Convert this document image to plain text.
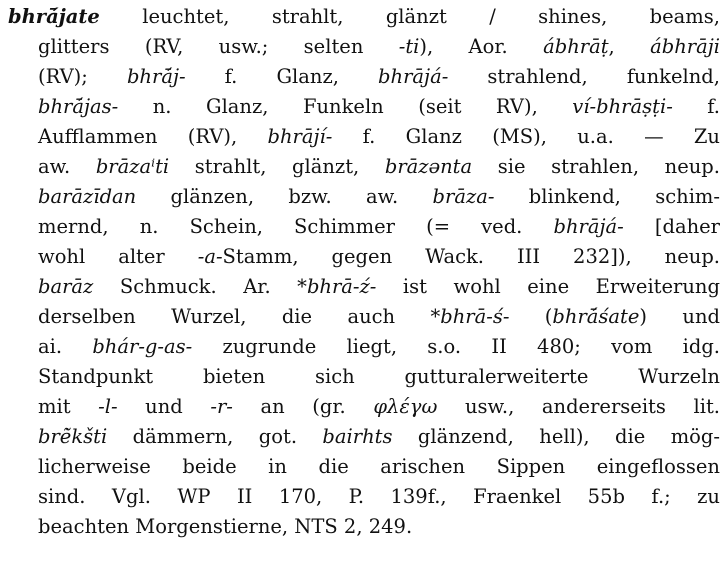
bhrā́jate leuchtet, strahlt, glänzt / shines, beams,
glitters (RV, usw.; selten -ti), Aor. ábhrāṭ, ábhrāji
(RV); bhrā́j- f. Glanz, bhrājá- strahlend, funkelnd,
bhrā́jas- n. Glanz, Funkeln (seit RV), ví-bhrāṣṭi- f.
Aufflammen (RV), bhrājí- f. Glanz (MS), u.a. — Zu
aw. brāzaⁱti strahlt, glänzt, brāzənta sie strahlen, neup.
barāzīdan glänzen, bzw. aw. brāza- blinkend, schim-
mernd, n. Schein, Schimmer (= ved. bhrājá- [daher
wohl alter -a-Stamm, gegen Wack. III 232]), neup.
barāz Schmuck. Ar. *bhrā-ź- ist wohl eine Erweiterung
derselben Wurzel, die auch *bhrā-ś- (bhrā́śate) und
ai. bhár-g-as- zugrunde liegt, s.o. II 480; vom idg.
Standpunkt bieten sich gutturalerweiterte Wurzeln
mit -l- und -r- an (gr. φλέγω usw., andererseits lit.
brė̃kšti dämmern, got. bairhts glänzend, hell), die mög-
licherweise beide in die arischen Sippen eingeflossen
sind. Vgl. WP II 170, P. 139f., Fraenkel 55b f.; zu
beachten Morgenstierne, NTS 2, 249.
